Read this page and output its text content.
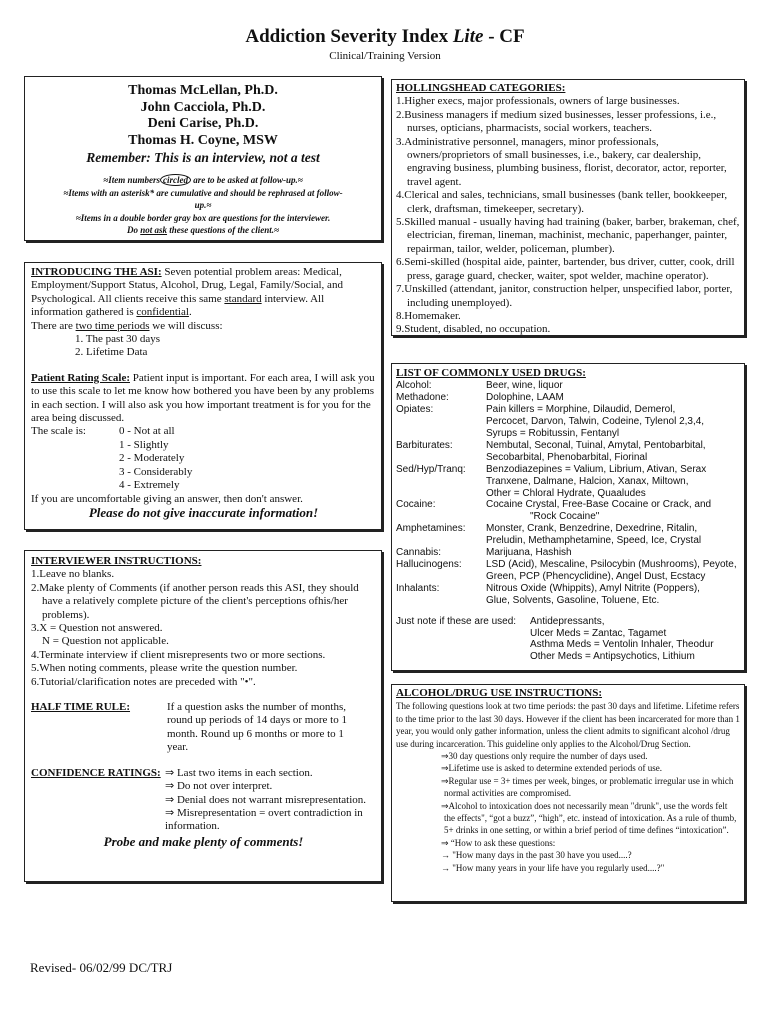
Addiction Severity Index Lite - CF
Clinical/Training Version
Thomas McLellan, Ph.D.
John Cacciola, Ph.D.
Deni Carise, Ph.D.
Thomas H. Coyne, MSW
Remember: This is an interview, not a test
≈Item numbers circled are to be asked at follow-up.≈
≈Items with an asterisk* are cumulative and should be rephrased at follow-up.≈
≈Items in a double border gray box are questions for the interviewer.
Do not ask these questions of the client.≈
INTRODUCING THE ASI: Seven potential problem areas: Medical, Employment/Support Status, Alcohol, Drug, Legal, Family/Social, and Psychological. All clients receive this same standard interview. All information gathered is confidential.
There are two time periods we will discuss:
1. The past 30 days
2. Lifetime Data
Patient Rating Scale: Patient input is important. For each area, I will ask you to use this scale to let me know how bothered you have been by any problems in each section. I will also ask you how important treatment is for you for the area being discussed.
The scale is:	0 - Not at all
1 - Slightly
2 - Moderately
3 - Considerably
4 - Extremely
If you are uncomfortable giving an answer, then don't answer.
Please do not give inaccurate information!
INTERVIEWER INSTRUCTIONS:
1.Leave no blanks.
2.Make plenty of Comments (if another person reads this ASI, they should have a relatively complete picture of the client's perceptions ofhis/her problems).
3.X = Question not answered.
N = Question not applicable.
4.Terminate interview if client misrepresents two or more sections.
5.When noting comments, please write the question number.
6.Tutorial/clarification notes are preceded with "•".
HALF TIME RULE:	If a question asks the number of months, round up periods of 14 days or more to 1 month. Round up 6 months or more to 1 year.
CONFIDENCE RATINGS: ⇒ Last two items in each section.
⇒ Do not over interpret.
⇒ Denial does not warrant misrepresentation.
⇒ Misrepresentation = overt contradiction in information.
Probe and make plenty of comments!
HOLLINGSHEAD CATEGORIES:
1.Higher execs, major professionals, owners of large businesses.
2.Business managers if medium sized businesses, lesser professions, i.e., nurses, opticians, pharmacists, social workers, teachers.
3.Administrative personnel, managers, minor professionals, owners/proprietors of small businesses, i.e., bakery, car dealership, engraving business, plumbing business, florist, decorator, actor, reporter, travel agent.
4.Clerical and sales, technicians, small businesses (bank teller, bookkeeper, clerk, draftsman, timekeeper, secretary).
5.Skilled manual - usually having had training (baker, barber, brakeman, chef, electrician, fireman, lineman, machinist, mechanic, paperhanger, painter, repairman, tailor, welder, policeman, plumber).
6.Semi-skilled (hospital aide, painter, bartender, bus driver, cutter, cook, drill press, garage guard, checker, waiter, spot welder, machine operator).
7.Unskilled (attendant, janitor, construction helper, unspecified labor, porter, including unemployed).
8.Homemaker.
9.Student, disabled, no occupation.
LIST OF COMMONLY USED DRUGS:
Alcohol:	Beer, wine, liquor
Methadone:	Dolophine, LAAM
Opiates:	Pain killers = Morphine, Dilaudid, Demerol,
Percocet, Darvon, Talwin, Codeine, Tylenol 2,3,4,
Syrups = Robitussin, Fentanyl
Barbiturates:	Nembutal, Seconal, Tuinal, Amytal, Pentobarbital,
Secobarbital, Phenobarbital, Fiorinal
Sed/Hyp/Tranq: Benzodiazepines = Valium, Librium, Ativan, Serax
Tranxene, Dalmane, Halcion, Xanax, Miltown,
Other = Chloral Hydrate, Quaaludes
Cocaine:	Cocaine Crystal, Free-Base Cocaine or Crack, and
"Rock Cocaine"
Amphetamines: Monster, Crank, Benzedrine, Dexedrine, Ritalin,
Preludin, Methamphetamine, Speed, Ice, Crystal
Cannabis:	Marijuana, Hashish
Hallucinogens: LSD (Acid), Mescaline, Psilocybin (Mushrooms), Peyote,
Green, PCP (Phencyclidine), Angel Dust, Ecstacy
Inhalants:	Nitrous Oxide (Whippits), Amyl Nitrite (Poppers),
Glue, Solvents, Gasoline, Toluene, Etc.
Just note if these are used: Antidepressants,
Ulcer Meds = Zantac, Tagamet
Asthma Meds = Ventolin Inhaler, Theodur
Other Meds = Antipsychotics, Lithium
ALCOHOL/DRUG USE INSTRUCTIONS:
The following questions look at two time periods: the past 30 days and lifetime. Lifetime refers to the time prior to the last 30 days. However if the client has been incarcerated for more than 1 year, you would only gather information, unless the client admits to significant alcohol /drug use during incarceration. This guideline only applies to the Alcohol/Drug Section.
⇒30 day questions only require the number of days used.
⇒Lifetime use is asked to determine extended periods of use.
⇒Regular use = 3+ times per week, binges, or problematic irregular use in which normal activities are compromised.
⇒Alcohol to intoxication does not necessarily mean "drunk", use the words felt the effects", “got a buzz”, “high”, etc. instead of intoxication. As a rule of thumb, 5+ drinks in one setting, or within a brief period of time defines “intoxication”.
⇒ “How to ask these questions:
→ "How many days in the past 30 have you used....?
→ "How many years in your life have you regularly used....?"
Revised- 06/02/99 DC/TRJ
